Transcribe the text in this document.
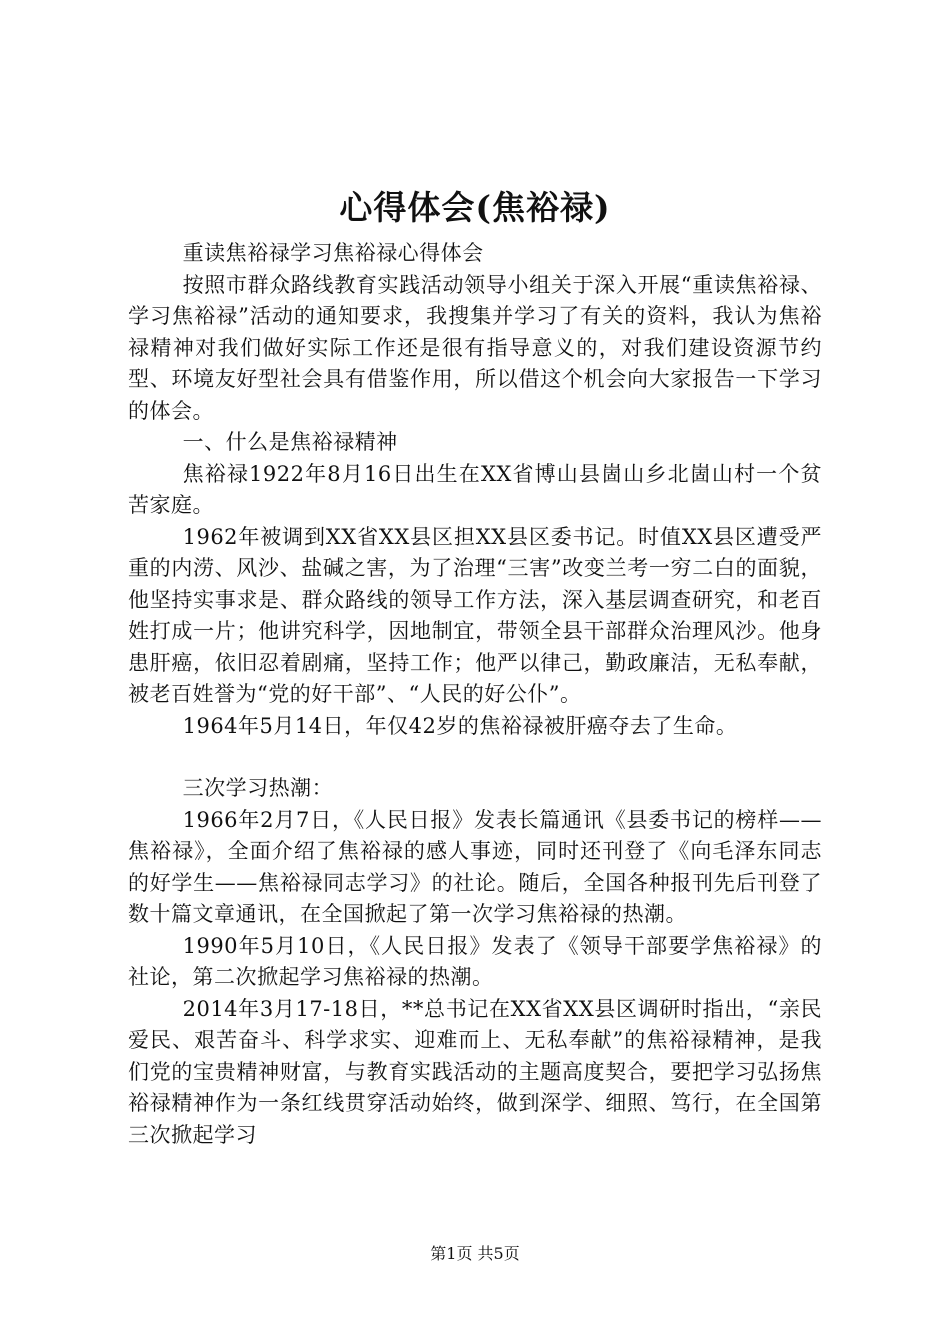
心得体会(焦裕禄)

重读焦裕禄学习焦裕禄心得体会

按照市群众路线教育实践活动领导小组关于深入开展“重读焦裕禄、学习焦裕禄”活动的通知要求，我搜集并学习了有关的资料，我认为焦裕禄精神对我们做好实际工作还是很有指导意义的，对我们建设资源节约型、环境友好型社会具有借鉴作用，所以借这个机会向大家报告一下学习的体会。

一、什么是焦裕禄精神

焦裕禄1922年8月16日出生在XX省博山县崮山乡北崮山村一个贫苦家庭。

1962年被调到XX省XX县区担XX县区委书记。时值XX县区遭受严重的内涝、风沙、盐碱之害，为了治理“三害”改变兰考一穷二白的面貌，他坚持实事求是、群众路线的领导工作方法，深入基层调查研究，和老百姓打成一片；他讲究科学，因地制宜，带领全县干部群众治理风沙。他身患肝癌，依旧忍着剧痛，坚持工作；他严以律己，勤政廉洁，无私奉献，被老百姓誉为“党的好干部”、“人民的好公仆”。

1964年5月14日，年仅42岁的焦裕禄被肝癌夺去了生命。

三次学习热潮：

1966年2月7日，《人民日报》发表长篇通讯《县委书记的榜样——焦裕禄》，全面介绍了焦裕禄的感人事迹，同时还刊登了《向毛泽东同志的好学生——焦裕禄同志学习》的社论。随后，全国各种报刊先后刊登了数十篇文章通讯，在全国掀起了第一次学习焦裕禄的热潮。

1990年5月10日，《人民日报》发表了《领导干部要学焦裕禄》的社论，第二次掀起学习焦裕禄的热潮。

2014年3月17-18日，**总书记在XX省XX县区调研时指出，“亲民爱民、艰苦奋斗、科学求实、迎难而上、无私奉献”的焦裕禄精神，是我们党的宝贵精神财富，与教育实践活动的主题高度契合，要把学习弘扬焦裕禄精神作为一条红线贯穿活动始终，做到深学、细照、笃行，在全国第三次掀起学习

第1页 共5页
